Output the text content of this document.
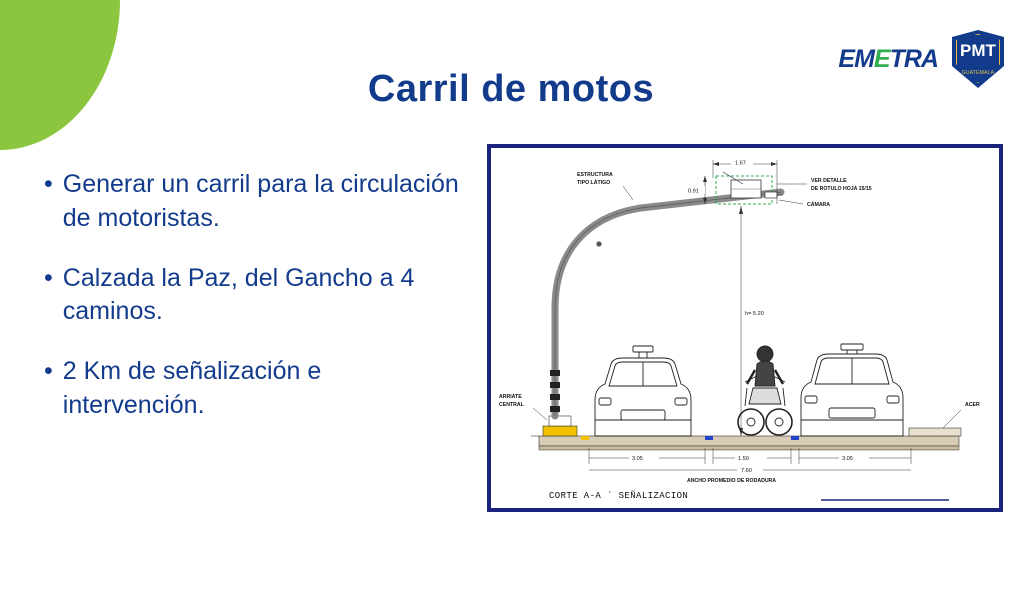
EMETRA	PMT
GUATEMALA
Carril de motos
• Generar un carril para la circulación de motoristas.
• Calzada la Paz, del Gancho a 4 caminos.
• 2 Km de señalización e intervención.
1.67
0.91
ESTRUCTURA
TIPO LÁTIGO	VER DETALLE
DE ROTULO HOJA 15/15
CÁMARA
h= 5.20
ARRIATE
CENTRAL	ACER
3.05	1.50	3.05
7.60
ANCHO PROMEDIO DE RODADURA
CORTE A-A ´ SEÑALIZACION
